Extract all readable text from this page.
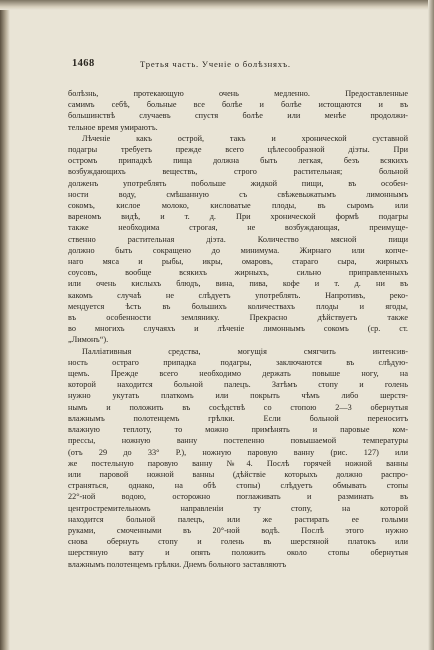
1468	Третья часть. Ученіе о болѣзняхъ.

болѣзнь, протекающую очень медленно. Предоставленные
самимъ себѣ, больные все болѣе и болѣе истощаются и въ
большинствѣ случаевъ спустя болѣе или менѣе продолжи-
тельное время умираютъ.

Лѣченіе какъ острой, такъ и хронической суставной
подагры требуетъ прежде всего цѣлесообразной діэты. При
остромъ припадкѣ пища должна быть легкая, безъ всякихъ
возбуждающихъ веществъ, строго растительная; больной
долженъ употреблять побольше жидкой пищи, въ особен-
ности воду, смѣшанную съ свѣжевыжатымъ лимоннымъ
сокомъ, кислое молоко, кисловатые плоды, въ сыромъ или
вареномъ видѣ, и т. д. При хронической формѣ подагры
также необходима строгая, не возбуждающая, преимуще-
ственно растительная діэта. Количество мясной пищи
должно быть сокращено до минимума. Жирнаго или копче-
наго мяса и рыбы, икры, омаровъ, стараго сыра, жирныхъ
соусовъ, вообще всякихъ жирныхъ, сильно приправленныхъ
или очень кислыхъ блюдъ, вина, пива, кофе и т. д. ни въ
какомъ случаѣ не слѣдуетъ употреблять. Напротивъ, реко-
мендуется ѣсть въ большихъ количествахъ плоды и ягоды,
въ особенности землянику. Прекрасно дѣйствуетъ также
во многихъ случаяхъ и лѣченіе лимоннымъ сокомъ (ср. ст.
„Лимонъ“).

Паллiативныя средства, могущiя смягчить интенсив-
ность остраго припадка подагры, заключаются въ слѣдую-
щемъ. Прежде всего необходимо держать повыше ногу, на
которой находится больной палецъ. Затѣмъ стопу и голень
нужно укутать платкомъ или покрыть чѣмъ либо шерстя-
нымъ и положить въ сосѣдствѣ со стопою 2—3 обернутыя
влажнымъ полотенцемъ грѣлки. Если больной переноситъ
влажную теплоту, то можно примѣнять и паровые ком-
прессы, ножную ванну постепенно повышаемой температуры
(отъ 29 до 33° Р.), ножную паровую ванну (рис. 127) или
же постельную паровую ванну №4. Послѣ горячей ножной ванны
или паровой ножной ванны (дѣйствіе которыхъ должно распро-
страняться, однако, на обѣ стопы) слѣдуетъ обмывать стопы
22°-ной водою, осторожно поглаживать и разминать въ
центростремительномъ направленіи ту стопу, на которой
находится больной палецъ, или же растирать ее голыми
руками, смоченными въ 20°-ной водѣ. Послѣ этого нужно
снова обернуть стопу и голень въ шерстяной платокъ или
шерстяную вату и опять положить около стопы обернутыя
влажнымъ полотенцемъ грѣлки. Днемъ больного заставляютъ
